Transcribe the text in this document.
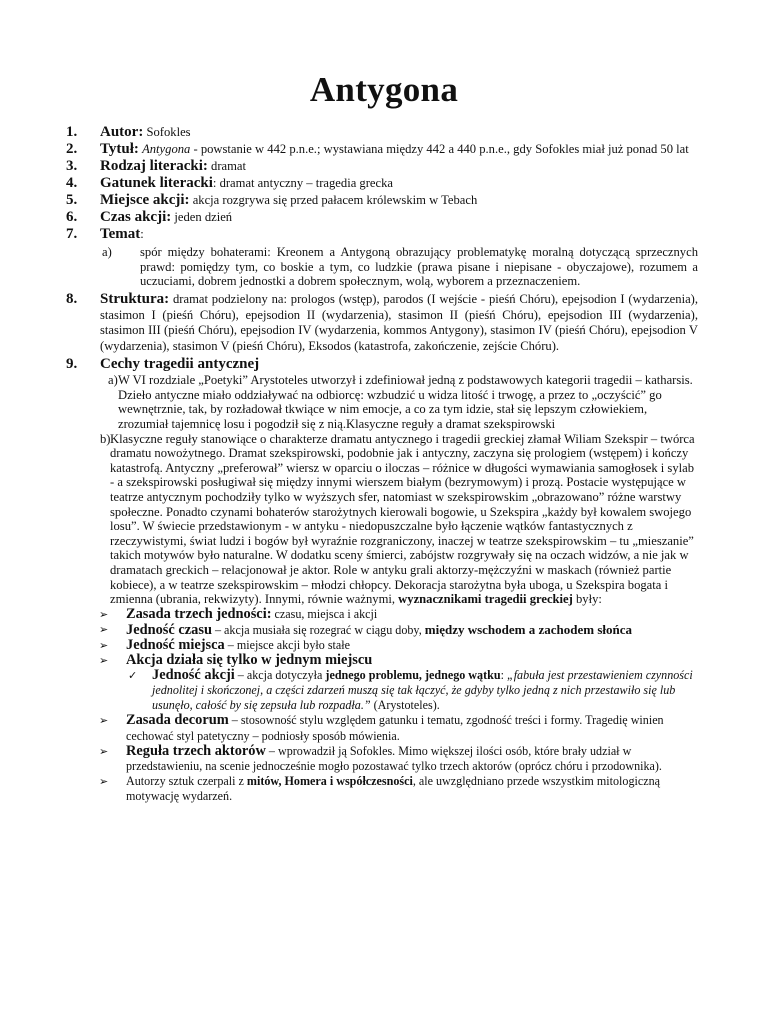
Antygona
1. Autor: Sofokles
2. Tytuł: Antygona - powstanie w 442 p.n.e.; wystawiana między 442 a 440 p.n.e., gdy Sofokles miał już ponad 50 lat
3. Rodzaj literacki: dramat
4. Gatunek literacki: dramat antyczny – tragedia grecka
5. Miejsce akcji: akcja rozgrywa się przed pałacem królewskim w Tebach
6. Czas akcji: jeden dzień
7. Temat:
a) spór między bohaterami: Kreonem a Antygoną obrazujący problematykę moralną dotyczącą sprzecznych prawd: pomiędzy tym, co boskie a tym, co ludzkie (prawa pisane i niepisane - obyczajowe), rozumem a uczuciami, dobrem jednostki a dobrem społecznym, wolą, wyborem a przeznaczeniem.
8. Struktura: dramat podzielony na: prologos (wstęp), parodos (I wejście - pieśń Chóru), epejsodion I (wydarzenia), stasimon I (pieśń Chóru), epejsodion II (wydarzenia), stasimon II (pieśń Chóru), epejsodion III (wydarzenia), stasimon III (pieśń Chóru), epejsodion IV (wydarzenia, kommos Antygony), stasimon IV (pieśń Chóru), epejsodion V (wydarzenia), stasimon V (pieśń Chóru), Eksodos (katastrofa, zakończenie, zejście Chóru).
9. Cechy tragedii antycznej
a) W VI rozdziale „Poetyki” Arystoteles utworzył i zdefiniował jedną z podstawowych kategorii tragedii – katharsis. Dzieło antyczne miało oddziaływać na odbiorcę: wzbudzić u widza litość i trwogę, a przez to „oczyścić” go wewnętrznie, tak, by rozładował tkwiące w nim emocje, a co za tym idzie, stał się lepszym człowiekiem, zrozumiał tajemnicę losu i pogodził się z nią.Klasyczne reguły a dramat szekspirowski
b) Klasyczne reguły stanowiące o charakterze dramatu antycznego i tragedii greckiej złamał Wiliam Szekspir – twórca dramatu nowożytnego. Dramat szekspirowski, podobnie jak i antyczny, zaczyna się prologiem (wstępem) i kończy katastrofą. Antyczny „preferował” wiersz w oparciu o iloczas – różnice w długości wymawiania samogłosek i sylab - a szekspirowski posługiwał się między innymi wierszem białym (bezrymowym) i prozą. Postacie występujące w teatrze antycznym pochodziły tylko w wyższych sfer, natomiast w szekspirowskim „obrazowano” różne warstwy społeczne. Ponadto czynami bohaterów starożytnych kierowali bogowie, u Szekspira „każdy był kowalem swojego losu”. W świecie przedstawionym - w antyku - niedopuszczalne było łączenie wątków fantastycznych z rzeczywistymi, świat ludzi i bogów był wyraźnie rozgraniczony, inaczej w teatrze szekspirowskim – tu „mieszanie” takich motywów było naturalne. W dodatku sceny śmierci, zabójstw rozgrywały się na oczach widzów, a nie jak w dramatach greckich – relacjonował je aktor. Role w antyku grali aktorzy-mężczyźni w maskach (również partie kobiece), a w teatrze szekspirowskim – młodzi chłopcy. Dekoracja starożytna była uboga, u Szekspira bogata i zmienna (ubrania, rekwizyty). Innymi, równie ważnymi, wyznacznikami tragedii greckiej były:
➢ Zasada trzech jedności: czasu, miejsca i akcji
➢ Jedność czasu – akcja musiała się rozegrać w ciągu doby, między wschodem a zachodem słońca
➢ Jedność miejsca – miejsce akcji było stałe
➢ Akcja działa się tylko w jednym miejscu
✓ Jedność akcji – akcja dotyczyła jednego problemu, jednego wątku: „fabuła jest przestawieniem czynności jednolitej i skończonej, a części zdarzeń muszą się tak łączyć, że gdyby tylko jedną z nich przestawiło się lub usunęło, całość by się zepsuła lub rozpadła.” (Arystoteles).
➢ Zasada decorum – stosowność stylu względem gatunku i tematu, zgodność treści i formy. Tragedię winien cechować styl patetyczny – podniosły sposób mówienia.
➢ Reguła trzech aktorów – wprowadził ją Sofokles. Mimo większej ilości osób, które brały udział w przedstawieniu, na scenie jednocześnie mogło pozostawać tylko trzech aktorów (oprócz chóru i przodownika).
➢ Autorzy sztuk czerpali z mitów, Homera i współczesności, ale uwzględniano przede wszystkim mitologiczną motywację wydarzeń.
